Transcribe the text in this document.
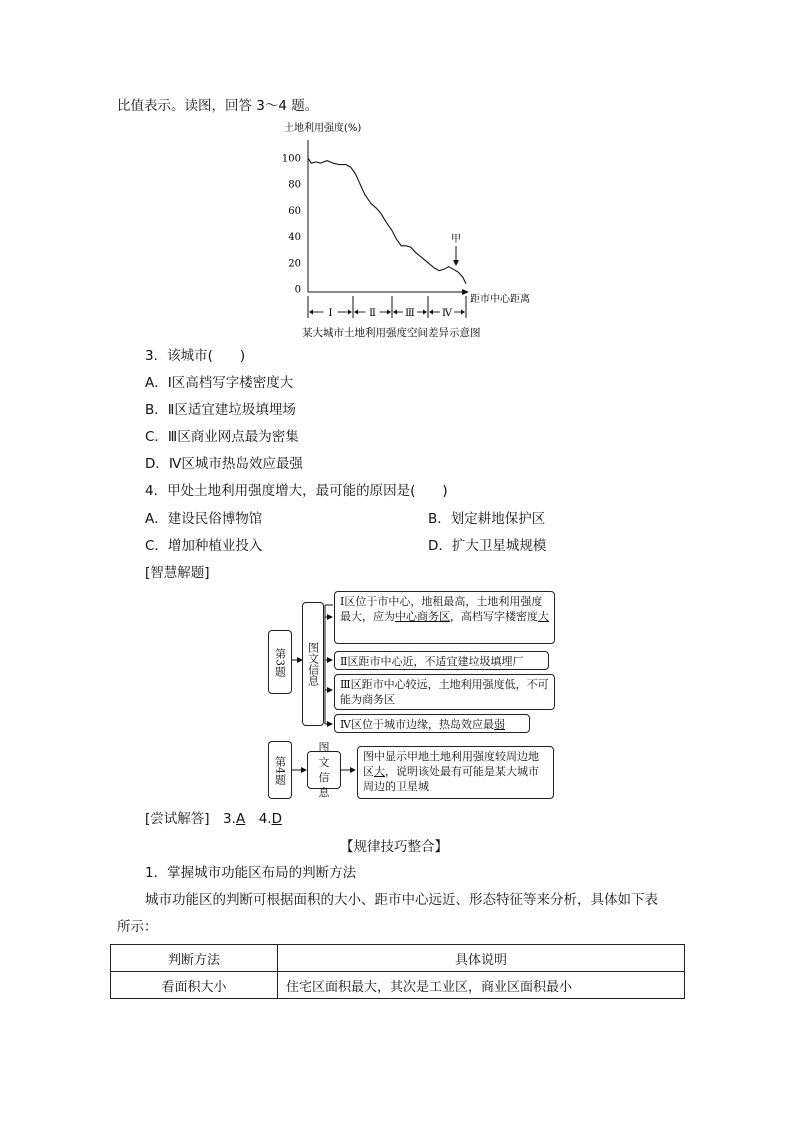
比值表示。读图，回答 3～4 题。
土地利用强度(%)
100
80
60
40
20
0
距市中心距离
Ⅰ	Ⅱ	Ⅲ	Ⅳ
甲
某大城市土地利用强度空间差异示意图
3．该城市(　　)
A．Ⅰ区高档写字楼密度大
B．Ⅱ区适宜建垃圾填埋场
C．Ⅲ区商业网点最为密集
D．Ⅳ区城市热岛效应最强
4．甲处土地利用强度增大，最可能的原因是(　　)
A．建设民俗博物馆	B．划定耕地保护区
C．增加种植业投入	D．扩大卫星城规模
[智慧解题]
第3题 图文信息
Ⅰ区位于市中心，地租最高，土地利用强度最大，应为中心商务区，高档写字楼密度大
Ⅱ区距市中心近，不适宜建垃圾填埋厂
Ⅲ区距市中心较远，土地利用强度低，不可能为商务区
Ⅳ区位于城市边缘，热岛效应最弱
第4题
图文信息
图中显示甲地土地利用强度较周边地区大，说明该处最有可能是某大城市周边的卫星城
[尝试解答]　 3.A　 4.D
【规律技巧整合】
1．掌握城市功能区布局的判断方法
城市功能区的判断可根据面积的大小、距市中心远近、形态特征等来分析，具体如下表
所示：
判断方法	具体说明
看面积大小	住宅区面积最大，其次是工业区，商业区面积最小
